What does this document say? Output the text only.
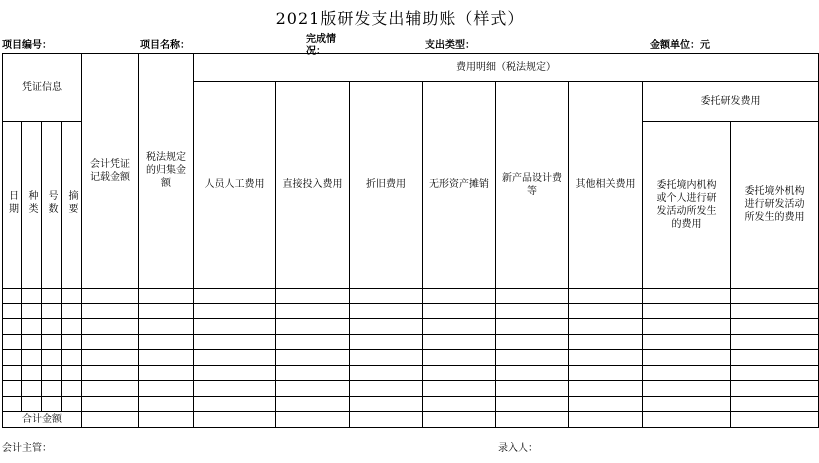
2021版研发支出辅助账（样式）
项目编号：	项目名称：
完成情况：
支出类型：	金额单位：元
凭证信息				会计凭证记载金额	税法规定的归集金额	费用明细（税法规定）							
						人员人工费用	直接投入费用	折旧费用	无形资产摊销	新产品设计费等	其他相关费用	委托研发费用	
日期	种类	号数	摘要									委托境内机构或个人进行研发活动所发生的费用	委托境外机构进行研发活动所发生的费用

合计金额													
会计主管：	录入人：
